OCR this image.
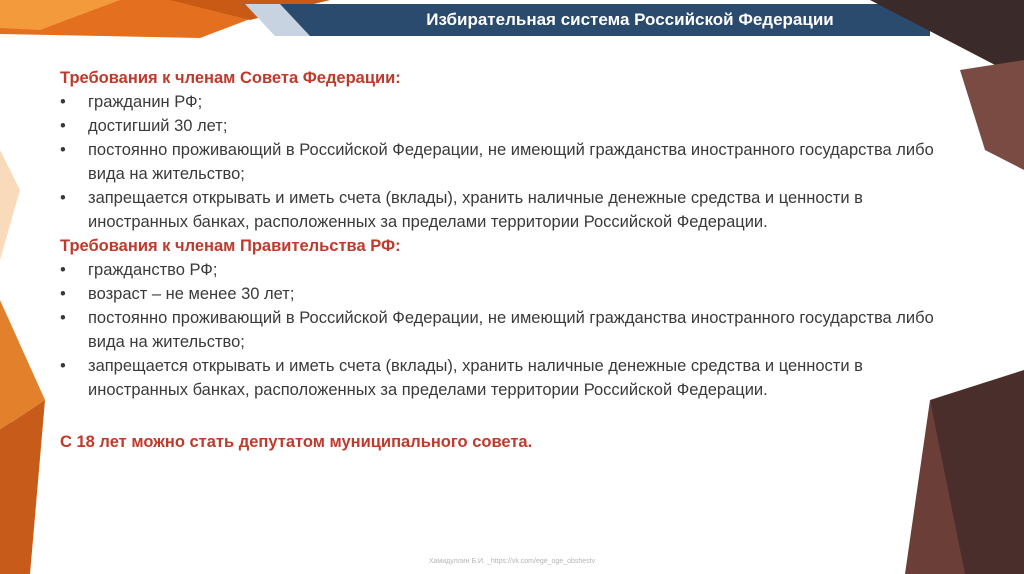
Избирательная система Российской Федерации

Требования к членам Совета Федерации:

• гражданин РФ;
• достигший 30 лет;
• постоянно проживающий в Российской Федерации, не имеющий гражданства иностранного государства либо вида на жительство;
• запрещается открывать и иметь счета (вклады), хранить наличные денежные средства и ценности в иностранных банках, расположенных за пределами территории Российской Федерации.

Требования к членам Правительства РФ:

• гражданство РФ;
• возраст – не менее 30 лет;
• постоянно проживающий в Российской Федерации, не имеющий гражданства иностранного государства либо вида на жительство;
• запрещается открывать и иметь счета (вклады), хранить наличные денежные средства и ценности в иностранных банках, расположенных за пределами территории Российской Федерации.

С 18 лет можно стать депутатом муниципального совета.

Хамидуллин Б.И. _https://vk.com/ege_oge_obshestv
